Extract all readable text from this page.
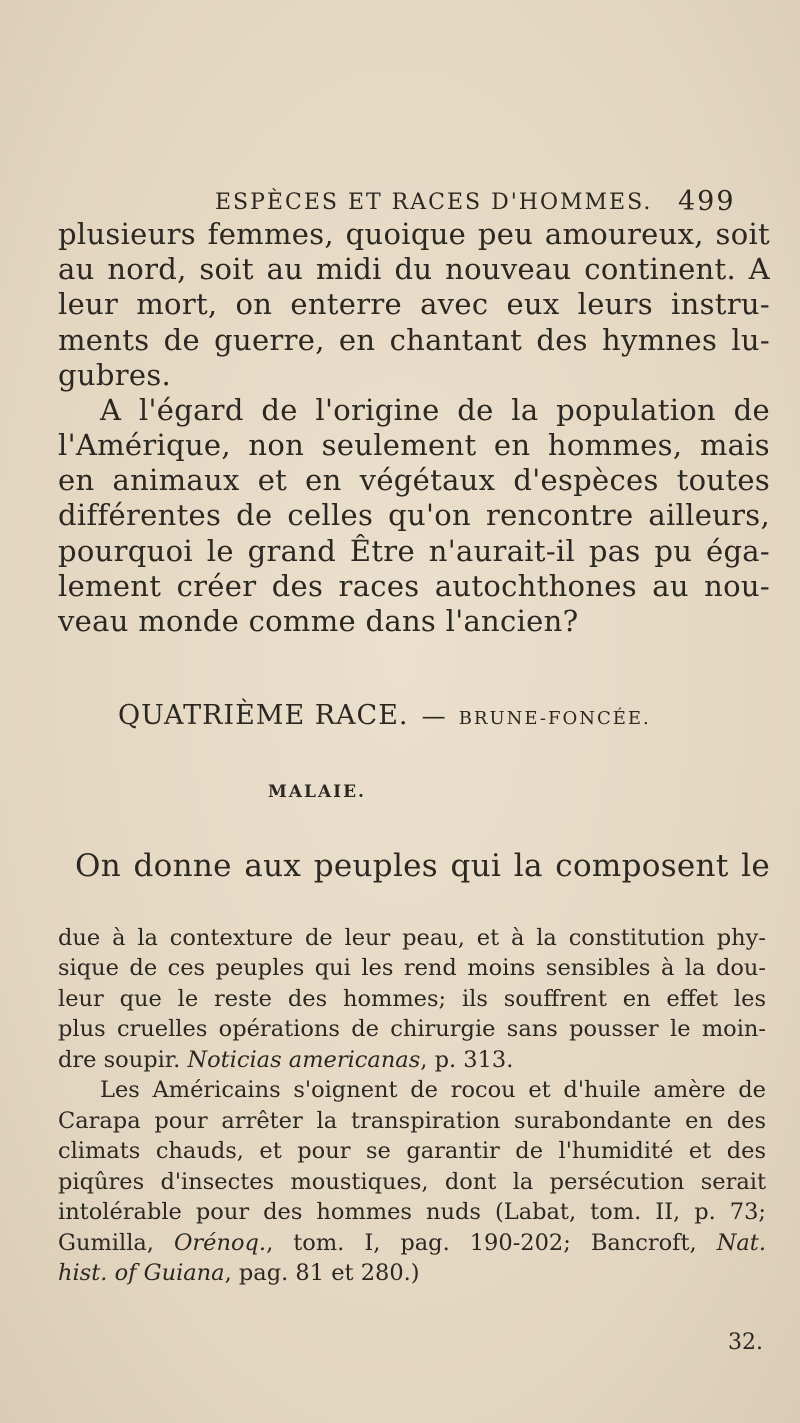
ESPÈCES ET RACES D'HOMMES. 499
plusieurs femmes, quoique peu amoureux, soit
au nord, soit au midi du nouveau continent. A
leur mort, on enterre avec eux leurs instru-
ments de guerre, en chantant des hymnes lu-
gubres.
A l'égard de l'origine de la population de
l'Amérique, non seulement en hommes, mais
en animaux et en végétaux d'espèces toutes
différentes de celles qu'on rencontre ailleurs,
pourquoi le grand Être n'aurait-il pas pu éga-
lement créer des races autochthones au nou-
veau monde comme dans l'ancien?
QUATRIÈME RACE. — BRUNE-FONCÉE.
MALAIE.
On donne aux peuples qui la composent le
due à la contexture de leur peau, et à la constitution phy-
sique de ces peuples qui les rend moins sensibles à la dou-
leur que le reste des hommes; ils souffrent en effet les
plus cruelles opérations de chirurgie sans pousser le moin-
dre soupir. Noticias americanas, p. 313.
Les Américains s'oignent de rocou et d'huile amère de
Carapa pour arrêter la transpiration surabondante en des
climats chauds, et pour se garantir de l'humidité et des
piqûres d'insectes moustiques, dont la persécution serait
intolérable pour des hommes nuds (Labat, tom. II, p. 73;
Gumilla, Orénoq., tom. I, pag. 190-202; Bancroft, Nat.
hist. of Guiana, pag. 81 et 280.)
32.
